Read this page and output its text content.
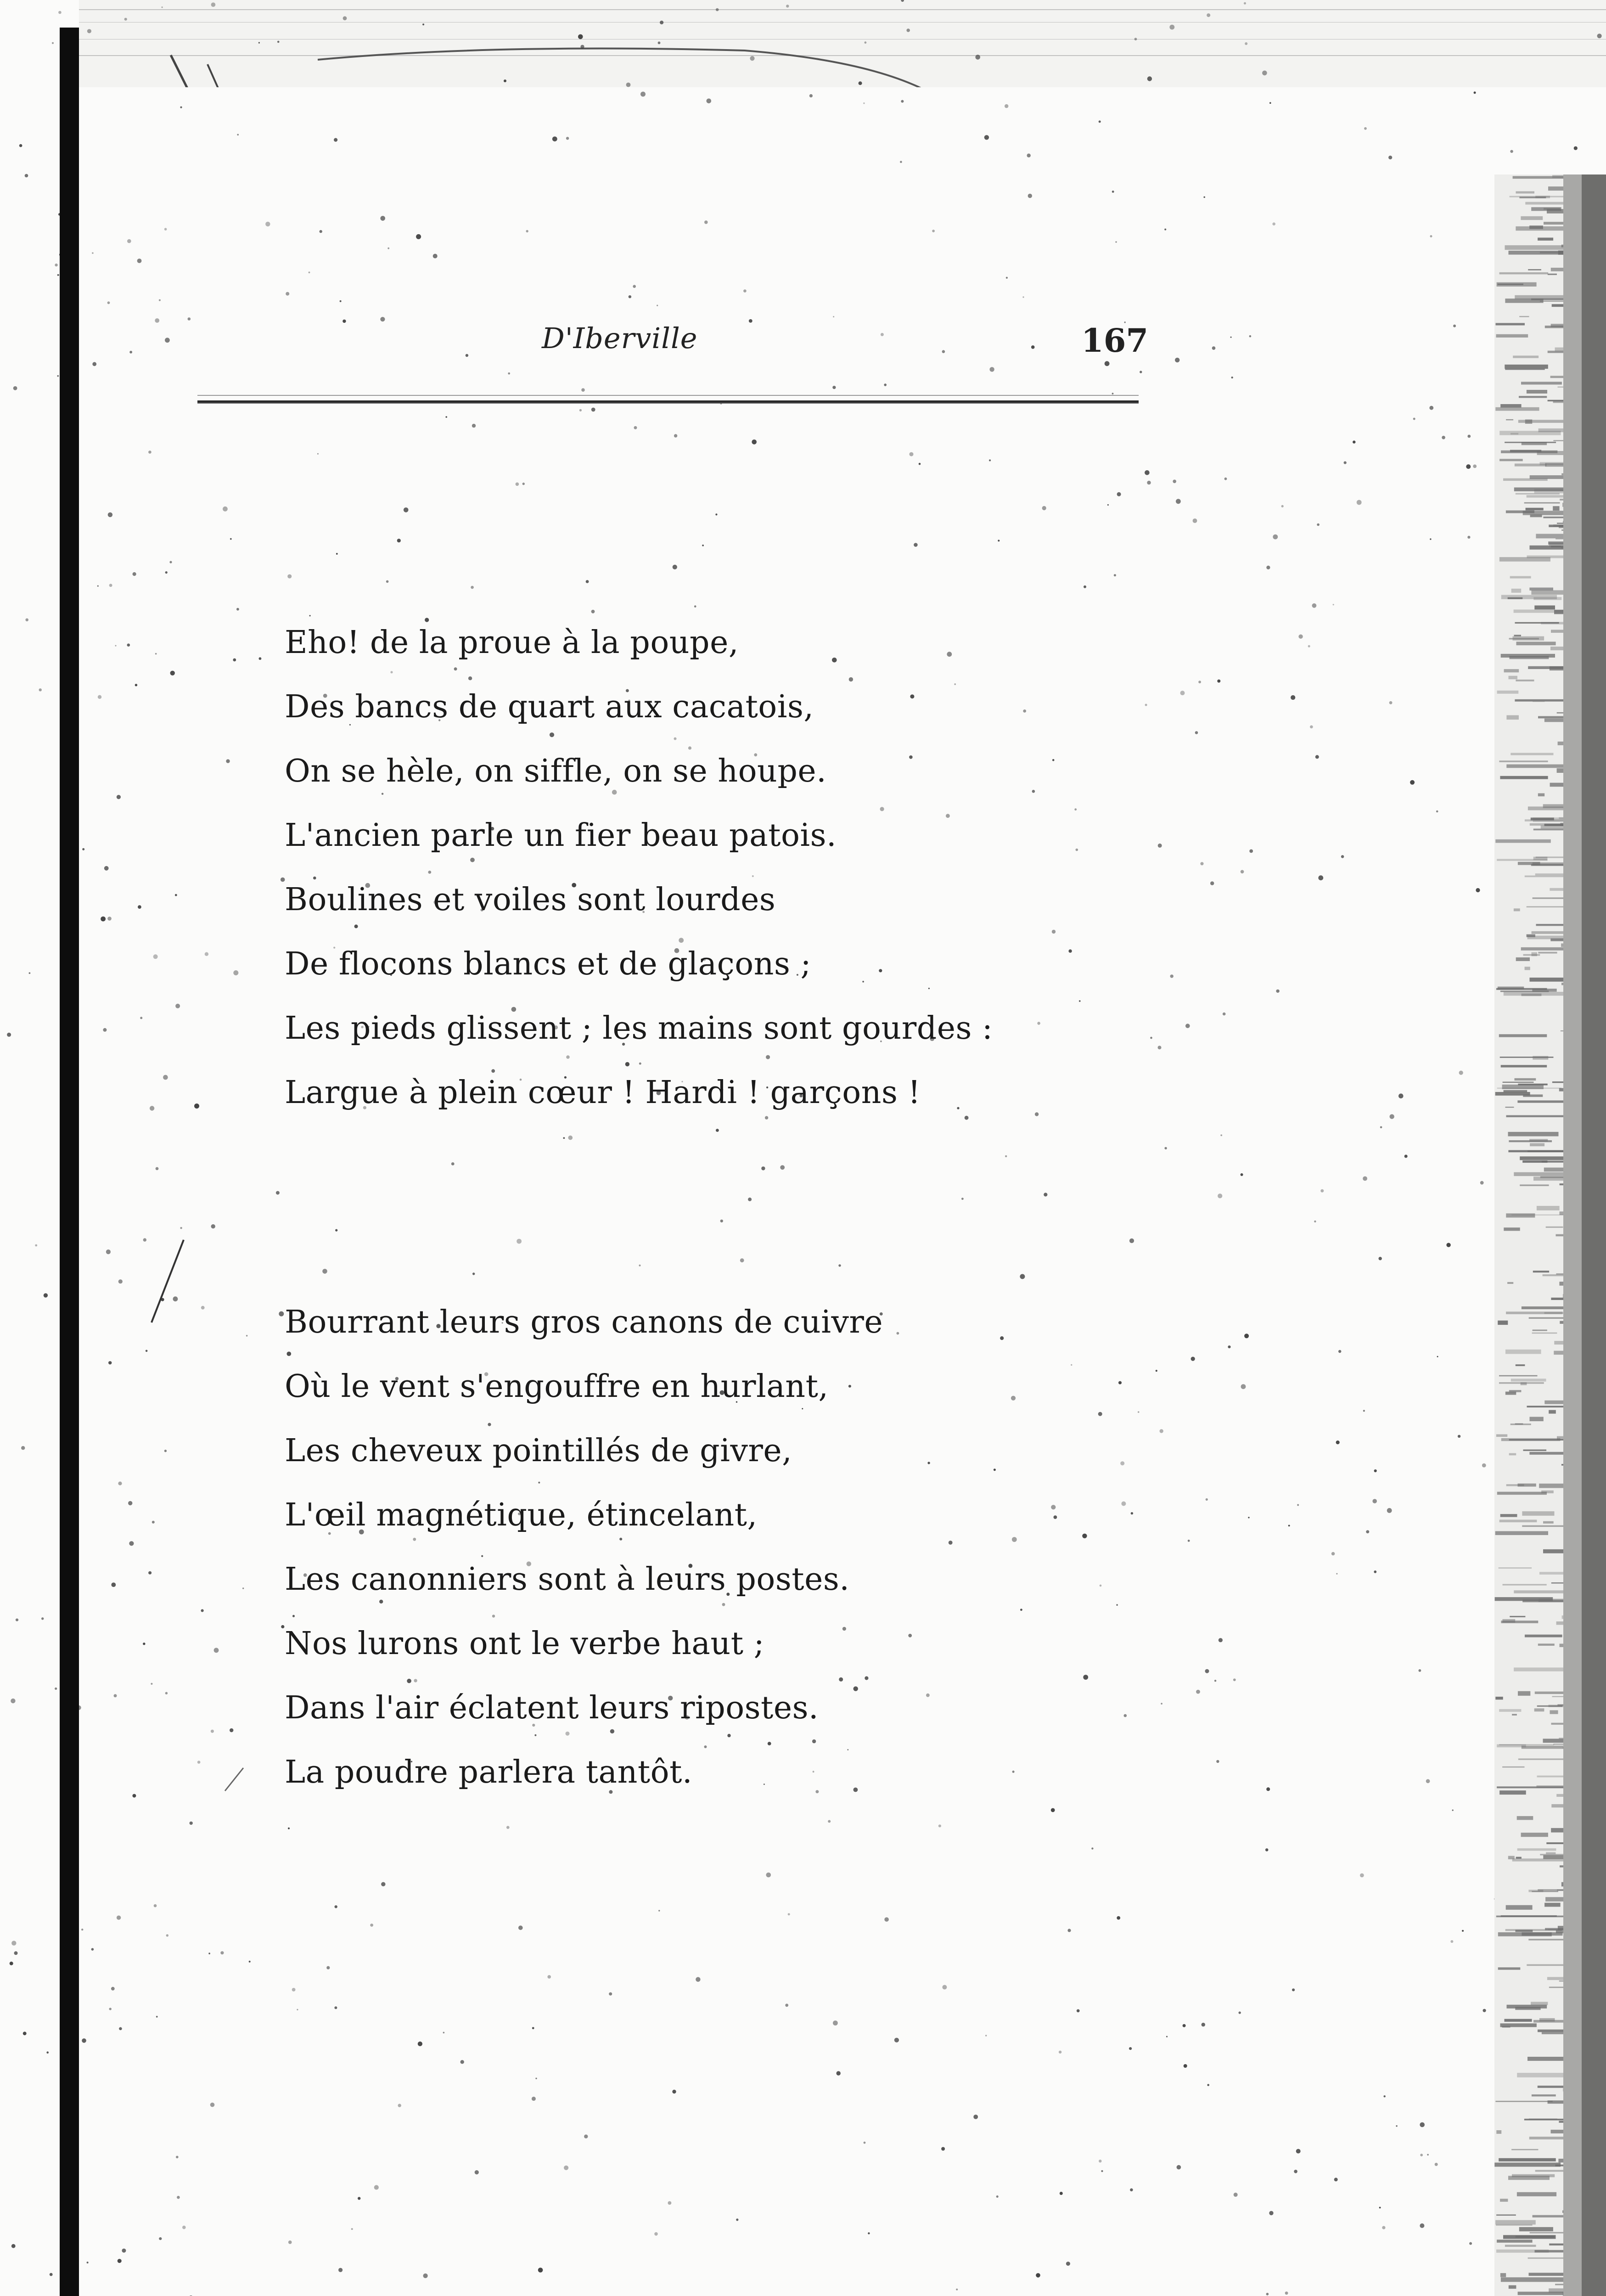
D'Iberville	167
Eho! de la proue à la poupe,
Des bancs de quart aux cacatois,
On se hèle, on siffle, on se houpe.
L'ancien parle un fier beau patois.
Boulines et voiles sont lourdes
De flocons blancs et de glaçons ;
Les pieds glissent ; les mains sont gourdes :
Largue à plein cœur ! Hardi ! garçons !
Bourrant leurs gros canons de cuivre
Où le vent s'engouffre en hurlant,
Les cheveux pointillés de givre,
L'œil magnétique, étincelant,
Les canonniers sont à leurs postes.
Nos lurons ont le verbe haut ;
Dans l'air éclatent leurs ripostes.
La poudre parlera tantôt.
